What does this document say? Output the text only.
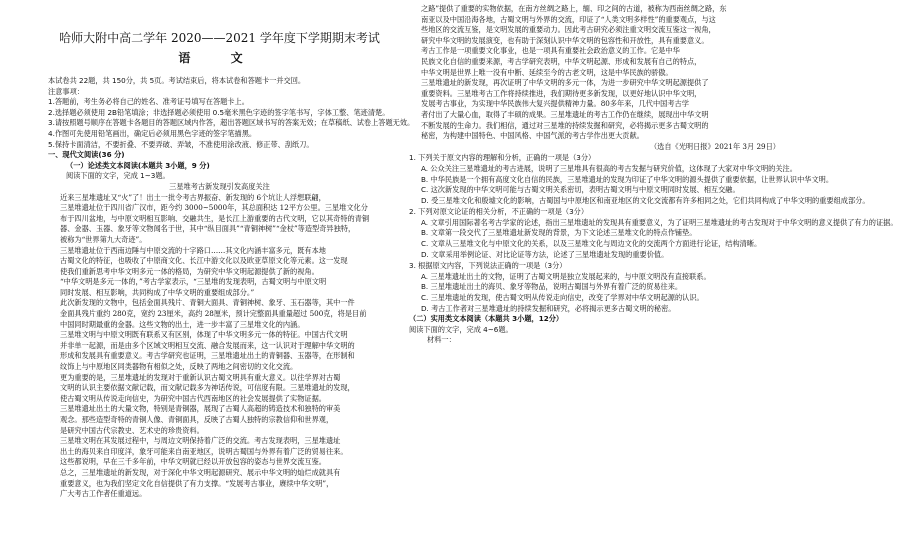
哈师大附中高二学年 2020——2021 学年度下学期期末考试
语 文
本试卷共 22题，共 150分，共 5页。考试结束后，将本试卷和答题卡一并交回。
注意事项：
1.答题前，考生务必将自己的姓名、准考证号填写在答题卡上。
2.选择题必须使用 2B铅笔填涂；非选择题必须使用 0.5毫米黑色字迹的签字笔书写，字体工整、笔迹清楚。
3.请按照题号顺序在答题卡各题目的答题区域内作答，超出答题区域书写的答案无效；在草稿纸、试卷上答题无效。
4.作图可先使用铅笔画出，确定后必须用黑色字迹的签字笔描黑。
5.保持卡面清洁，不要折叠、不要弄破、弄皱，不准使用涂改液、修正带、刮纸刀。
一、现代文阅读(36 分)
（一）论述类文本阅读(本题共 3小题，9 分)
阅读下面的文字，完成 1~3题。
三星堆考古新发现引发高度关注
近来三星堆遗址又“火”了！出土一批令考古界振奋、新发现的 6个坑让人浮想联翩，
三星堆遗址位于四川省广汉市，距今约 3000~5000年，其总面积达 12平方公里。三星堆文化分
布于四川盆地，与中原文明相互影响、交融共生，是长江上游重要的古代文明，它以其奇特的青铜
器、金器、玉器、象牙等文物闻名于世，其中“纵目面具”“青铜神树”“金杖”等造型奇异独特，
被称为“世界第九大奇迹”。
三星堆遗址位于西南边陲与中原交流的十字路口……其文化内涵丰富多元，既有本地
古蜀文化的特征，也吸收了中原商文化、长江中游文化以及欧亚草原文化等元素。这一发现
使我们重新思考中华文明多元一体的格局，为研究中华文明起源提供了新的视角。
“中华文明是多元一体的，”考古学家表示，“三星堆的发现表明，古蜀文明与中原文明
同时发展、相互影响，共同构成了中华文明的重要组成部分。”
此次新发现的文物中，包括金面具残片、青铜大面具、青铜神树、象牙、玉石器等，其中一件
金面具残片重约 280克，宽约 23厘米，高约 28厘米，预计完整面具重量超过 500克，将是目前
中国同时期最重的金器。这些文物的出土，进一步丰富了三星堆文化的内涵。
三星堆文明与中原文明既有联系又有区别，体现了中华文明多元一体的特征。中国古代文明
并非单一起源，而是由多个区域文明相互交流、融合发展而来，这一认识对于理解中华文明的
形成和发展具有重要意义。考古学研究也证明，三星堆遗址出土的青铜器、玉器等，在形制和
纹饰上与中原地区同类器物有相似之处，反映了两地之间密切的文化交流。
更为重要的是，三星堆遗址的发现对于重新认识古蜀文明具有重大意义。以往学界对古蜀
文明的认识主要依据文献记载，而文献记载多为神话传说，可信度有限。三星堆遗址的发现，
使古蜀文明从传说走向信史，为研究中国古代西南地区的社会发展提供了实物证据。
三星堆遗址出土的大量文物，特别是青铜器，展现了古蜀人高超的铸造技术和独特的审美
观念。那些造型奇特的青铜人像、青铜面具，反映了古蜀人独特的宗教信仰和世界观，
是研究中国古代宗教史、艺术史的珍贵资料。
三星堆文明在其发展过程中，与周边文明保持着广泛的交流。考古发现表明，三星堆遗址
出土的海贝来自印度洋，象牙可能来自南亚地区，说明古蜀国与外界有着广泛的贸易往来。
这些都说明，早在三千多年前，中华文明就已经以开放包容的姿态与世界交流互鉴。
总之，三星堆遗址的新发现，对于深化中华文明起源研究、展示中华文明的灿烂成就具有
重要意义，也为我们坚定文化自信提供了有力支撑。“发展考古事业，赓续中华文明”，
广大考古工作者任重道远。
之路”提供了重要的实物依据，在南方丝绸之路上，缅、印之间的古道，被称为西南丝绸之路，东
南亚以及中国沿海各地，古蜀文明与外界的交流，印证了“人类文明多样性”的重要观点，与这
些地区的交流互鉴，是文明发展的重要动力。因此考古研究必须注重文明交流互鉴这一视角，
研究中华文明的发展演变，也有助于深刻认识中华文明的包容性和开放性，具有重要意义。
考古工作是一项重要文化事业，也是一项具有重要社会政治意义的工作。它是中华
民族文化自信的重要来源，考古学研究表明，中华文明起源、形成和发展有自己的特点，
中华文明是世界上唯一没有中断、延续至今的古老文明，这是中华民族的骄傲。
三星堆遗址的新发现，再次证明了中华文明的多元一体，为进一步研究中华文明起源提供了
重要资料。三星堆考古工作将持续推进，我们期待更多新发现，以更好地认识中华文明，
发展考古事业，为实现中华民族伟大复兴提供精神力量。80多年来，几代中国考古学
者付出了大量心血，取得了丰硕的成果。三星堆遗址的考古工作仍在继续，展现出中华文明
不断发展的生命力。我们相信，通过对三星堆的持续发掘和研究，必将揭示更多古蜀文明的
秘密，为构建中国特色、中国风格、中国气派的考古学作出更大贡献。
（选自《光明日报》2021年 3月 29日）
1. 下列关于原文内容的理解和分析，正确的一项是（3分）
A. 公众关注三星堆遗址的考古进展，说明了三星堆具有很高的考古发掘与研究价值，这体现了大家对中华文明的关注。
B. 中华民族是一个拥有高度文化自信的民族，三星堆遗址的发现为印证了中华文明的源头提供了重要依据，让世界认识中华文明。
C. 这次新发现的中华文明可能与古蜀文明关系密切，表明古蜀文明与中原文明同时发展、相互交融。
D. 受三星堆文化和殷墟文化的影响，古蜀国与中原地区和南亚地区的文化交流都有许多相同之处，它们共同构成了中华文明的重要组成部分。
2. 下列对原文论证的相关分析，不正确的一项是（3分）
A. 文章引用国际著名考古学家的论述，指出三星堆遗址的发现具有重要意义，为了证明三星堆遗址的考古发现对于中华文明的意义提供了有力的证据。
B. 文章第一段交代了三星堆遗址新发现的背景，为下文论述三星堆文化的特点作铺垫。
C. 文章从三星堆文化与中原文化的关系，以及三星堆文化与周边文化的交流两个方面进行论证，结构清晰。
D. 文章采用举例论证、对比论证等方法，论述了三星堆遗址发现的重要价值。
3. 根据原文内容，下列说法正确的一项是（3分）
A. 三星堆遗址出土的文物，证明了古蜀文明是独立发展起来的，与中原文明没有直接联系。
B. 三星堆遗址出土的海贝、象牙等物品，说明古蜀国与外界有着广泛的贸易往来。
C. 三星堆遗址的发现，使古蜀文明从传说走向信史，改变了学界对中华文明起源的认识。
D. 考古工作者对三星堆遗址的持续发掘和研究，必将揭示更多古蜀文明的秘密。
（二）实用类文本阅读（本题共 3小题，12分）
阅读下面的文字，完成 4~6题。
材料一：
